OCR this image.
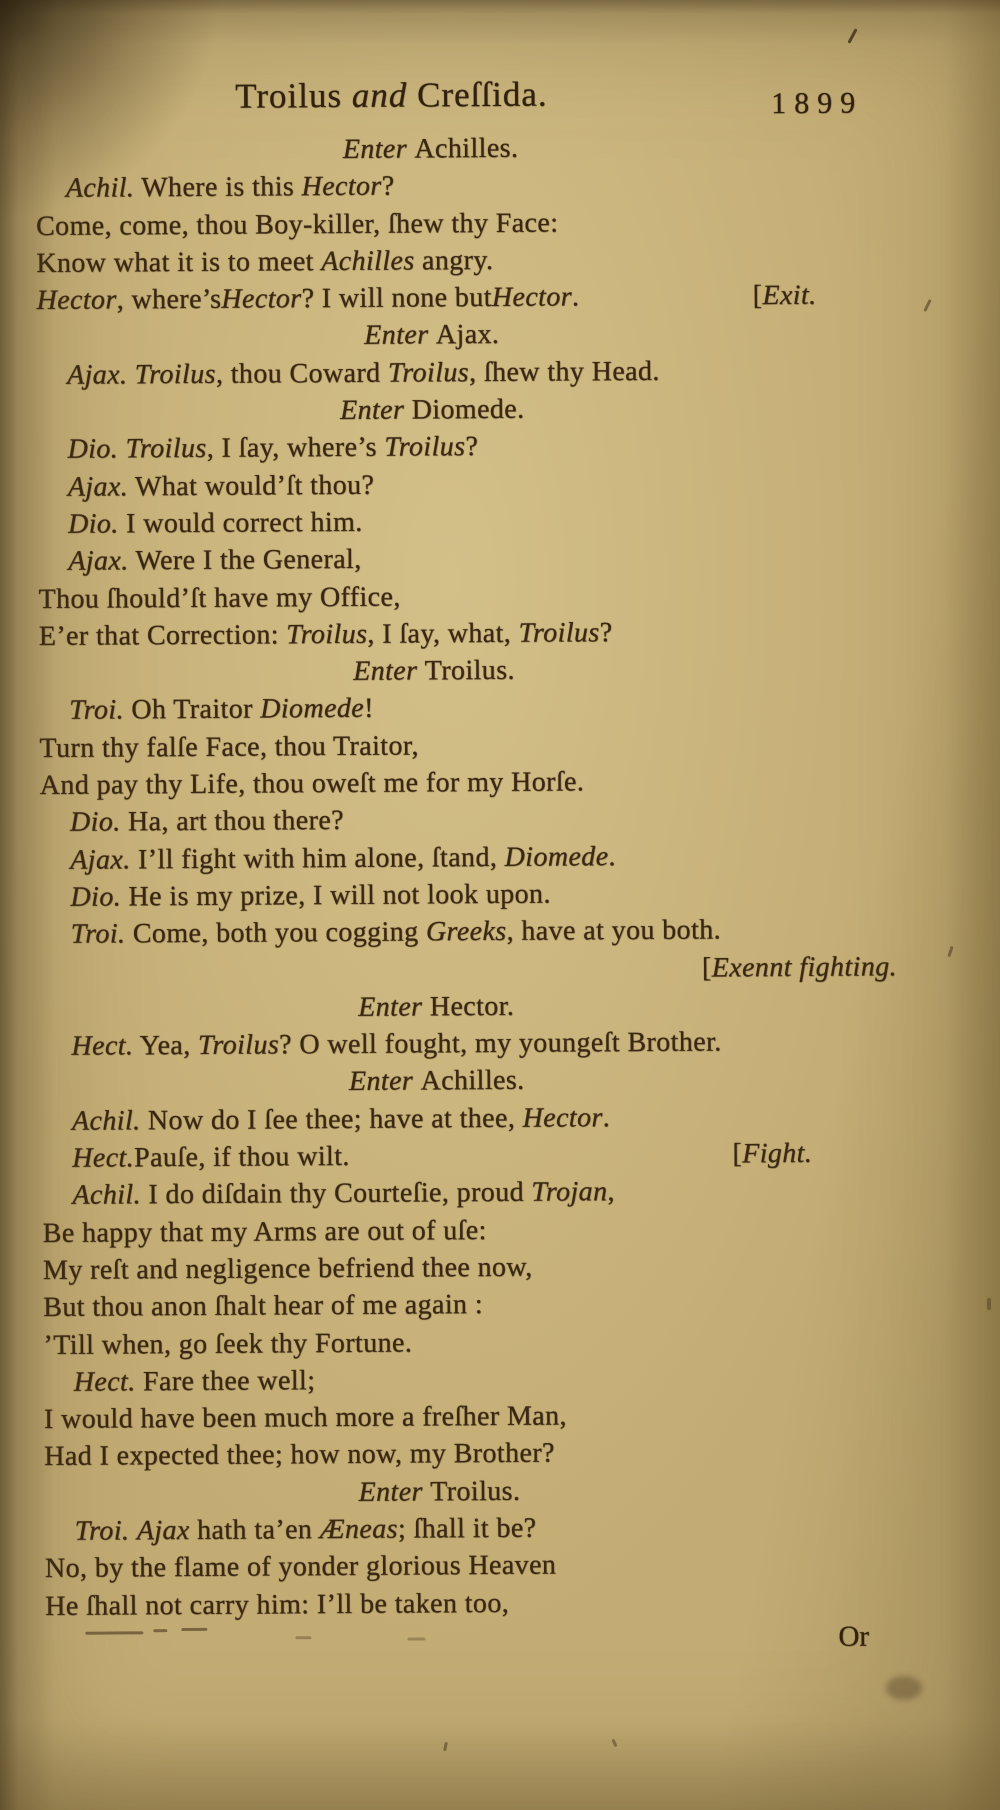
Troilus and Creſſida.	1899
Enter Achilles.
Achil. Where is this Hector?
Come, come, thou Boy-killer, ſhew thy Face:
Know what it is to meet Achilles angry.
Hector , where’s Hector ? I will none but Hector .	[Exit.
Enter Ajax.
Ajax. Troilus, thou Coward Troilus, ſhew thy Head.
Enter Diomede.
Dio. Troilus, I ſay, where’s Troilus?
Ajax. What would’ſt thou?
Dio. I would correct him.
Ajax. Were I the General,
Thou ſhould’ſt have my Office,
E’er that Correction: Troilus, I ſay, what, Troilus?
Enter Troilus.
Troi. Oh Traitor Diomede!
Turn thy falſe Face, thou Traitor,
And pay thy Life, thou oweſt me for my Horſe.
Dio. Ha, art thou there?
Ajax. I’ll fight with him alone, ſtand, Diomede.
Dio. He is my prize, I will not look upon.
Troi. Come, both you cogging Greeks, have at you both.
[Exennt fighting.
Enter Hector.
Hect. Yea, Troilus? O well fought, my youngeſt Brother.
Enter Achilles.
Achil. Now do I ſee thee; have at thee, Hector.
Hect. Pauſe, if thou wilt.	[Fight.
Achil. I do diſdain thy Courteſie, proud Trojan,
Be happy that my Arms are out of uſe:
My reſt and negligence befriend thee now,
But thou anon ſhalt hear of me again :
’Till when, go ſeek thy Fortune.
Hect. Fare thee well;
I would have been much more a freſher Man,
Had I expected thee; how now, my Brother?
Enter Troilus.
Troi. Ajax hath ta’en Æneas; ſhall it be?
No, by the flame of yonder glorious Heaven
He ſhall not carry him: I’ll be taken too,
Or
